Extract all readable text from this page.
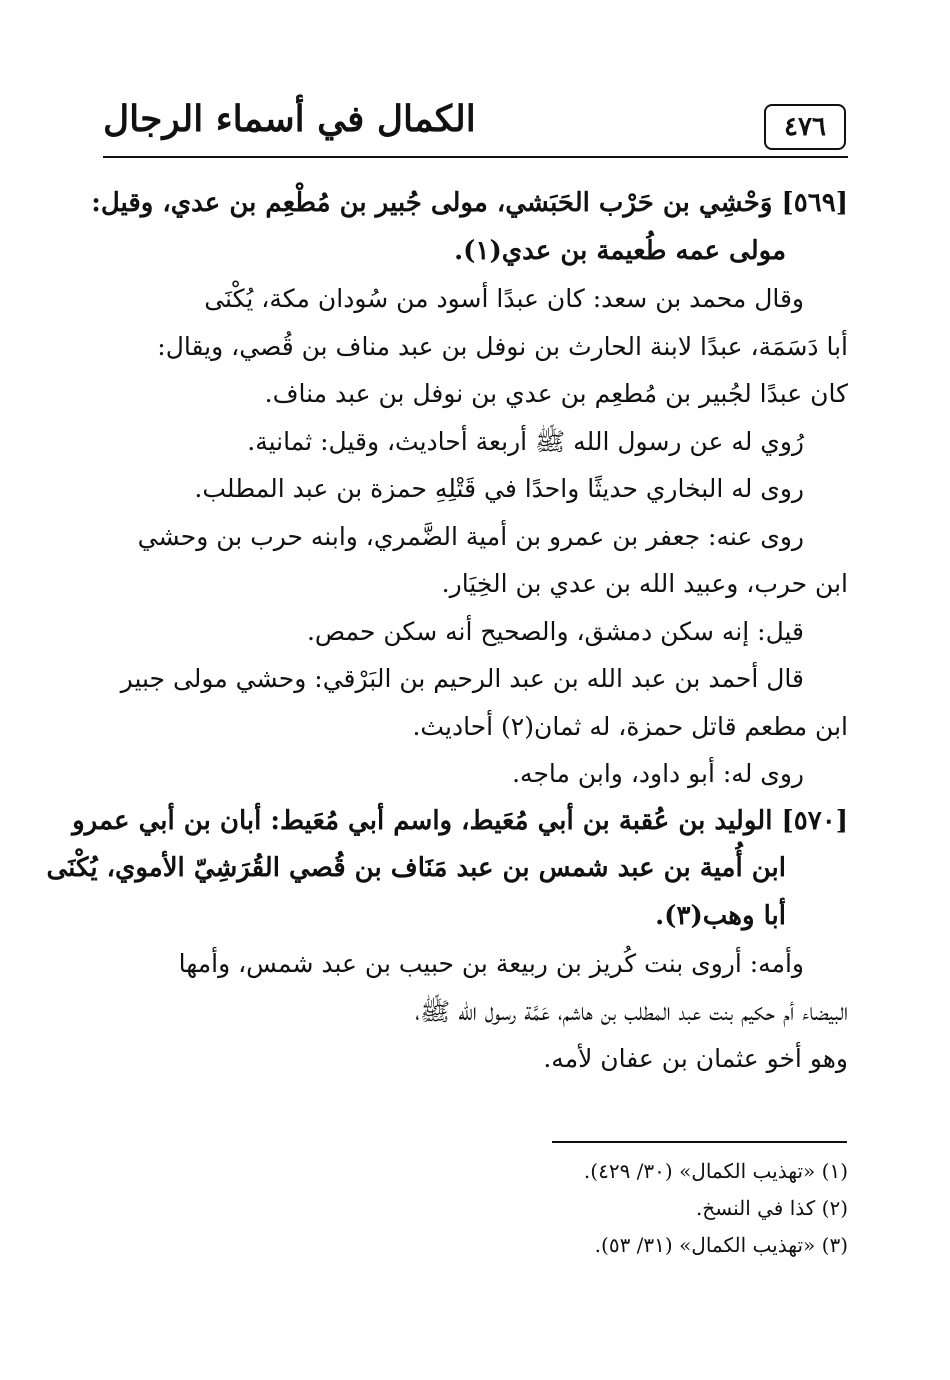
٤٧٦
الكمال في أسماء الرجال
[٥٦٩] وَحْشِي بن حَرْب الحَبَشي، مولى جُبير بن مُطْعِم بن عدي، وقيل:
مولى عمه طُعيمة بن عدي(١).
وقال محمد بن سعد: كان عبدًا أسود من سُودان مكة، يُكْنَى
أبا دَسَمَة، عبدًا لابنة الحارث بن نوفل بن عبد مناف بن قُصي، ويقال:
كان عبدًا لجُبير بن مُطعِم بن عدي بن نوفل بن عبد مناف.
رُوي له عن رسول الله ﷺ أربعة أحاديث، وقيل: ثمانية.
روى له البخاري حديثًا واحدًا في قَتْلِهِ حمزة بن عبد المطلب.
روى عنه: جعفر بن عمرو بن أمية الضَّمري، وابنه حرب بن وحشي
ابن حرب، وعبيد الله بن عدي بن الخِيَار.
قيل: إنه سكن دمشق، والصحيح أنه سكن حمص.
قال أحمد بن عبد الله بن عبد الرحيم بن البَرْقي: وحشي مولى جبير
ابن مطعم قاتل حمزة، له ثمان(٢) أحاديث.
روى له: أبو داود، وابن ماجه.
[٥٧٠] الوليد بن عُقبة بن أبي مُعَيط، واسم أبي مُعَيط: أبان بن أبي عمرو
ابن أُمية بن عبد شمس بن عبد مَنَاف بن قُصي القُرَشِيّ الأموي، يُكْنَى
أبا وهب(٣).
وأمه: أروى بنت كُريز بن ربيعة بن حبيب بن عبد شمس، وأمها
البيضاء أم حكيم بنت عبد المطلب بن هاشم، عَمَّة رسول الله ﷺ،
وهو أخو عثمان بن عفان لأمه.
(١) «تهذيب الكمال» (٣٠/ ٤٢٩).
(٢) كذا في النسخ.
(٣) «تهذيب الكمال» (٣١/ ٥٣).
